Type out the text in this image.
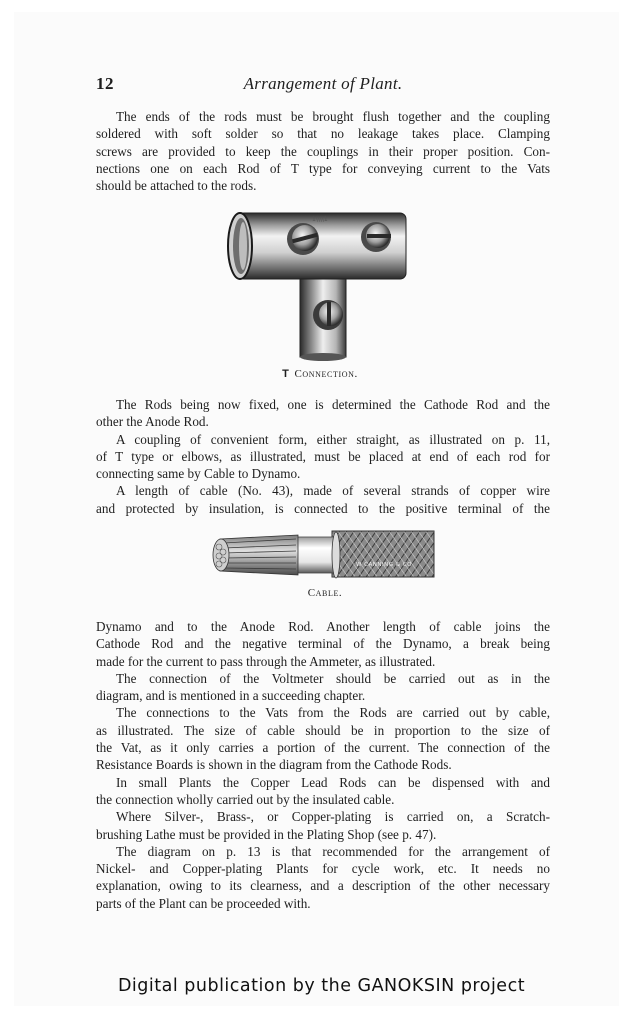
12	Arrangement of Plant.
The ends of the rods must be brought flush together and the coupling
soldered with soft solder so that no leakage takes place. Clamping
screws are provided to keep the couplings in their proper position. Con-
nections one on each Rod of T type for conveying current to the Vats
should be attached to the rods.
1\\\\1
T Connection.
The Rods being now fixed, one is determined the Cathode Rod and the
other the Anode Rod.
A coupling of convenient form, either straight, as illustrated on p. 11,
of T type or elbows, as illustrated, must be placed at end of each rod for
connecting same by Cable to Dynamo.
A length of cable (No. 43), made of several strands of copper wire
and protected by insulation, is connected to the positive terminal of the
W CANNING & CO
Cable.
Dynamo and to the Anode Rod. Another length of cable joins the
Cathode Rod and the negative terminal of the Dynamo, a break being
made for the current to pass through the Ammeter, as illustrated.
The connection of the Voltmeter should be carried out as in the
diagram, and is mentioned in a succeeding chapter.
The connections to the Vats from the Rods are carried out by cable,
as illustrated. The size of cable should be in proportion to the size of
the Vat, as it only carries a portion of the current. The connection of the
Resistance Boards is shown in the diagram from the Cathode Rods.
In small Plants the Copper Lead Rods can be dispensed with and
the connection wholly carried out by the insulated cable.
Where Silver-, Brass-, or Copper-plating is carried on, a Scratch-
brushing Lathe must be provided in the Plating Shop (see p. 47).
The diagram on p. 13 is that recommended for the arrangement of
Nickel- and Copper-plating Plants for cycle work, etc. It needs no
explanation, owing to its clearness, and a description of the other necessary
parts of the Plant can be proceeded with.
Digital publication by the GANOKSIN project
